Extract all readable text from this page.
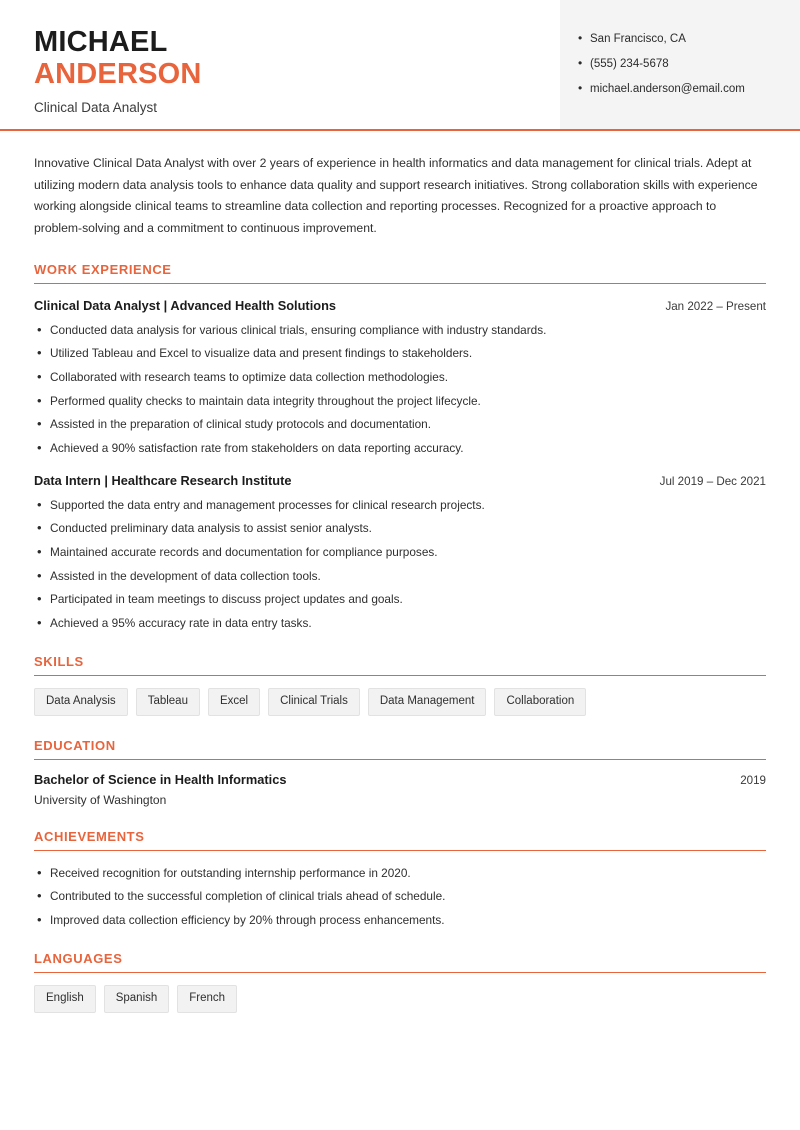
MICHAEL
ANDERSON
Clinical Data Analyst
• San Francisco, CA
• (555) 234-5678
• michael.anderson@email.com
Innovative Clinical Data Analyst with over 2 years of experience in health informatics and data management for clinical trials. Adept at utilizing modern data analysis tools to enhance data quality and support research initiatives. Strong collaboration skills with experience working alongside clinical teams to streamline data collection and reporting processes. Recognized for a proactive approach to problem-solving and a commitment to continuous improvement.
WORK EXPERIENCE
Clinical Data Analyst | Advanced Health Solutions	Jan 2022 – Present
• Conducted data analysis for various clinical trials, ensuring compliance with industry standards.
• Utilized Tableau and Excel to visualize data and present findings to stakeholders.
• Collaborated with research teams to optimize data collection methodologies.
• Performed quality checks to maintain data integrity throughout the project lifecycle.
• Assisted in the preparation of clinical study protocols and documentation.
• Achieved a 90% satisfaction rate from stakeholders on data reporting accuracy.
Data Intern | Healthcare Research Institute	Jul 2019 – Dec 2021
• Supported the data entry and management processes for clinical research projects.
• Conducted preliminary data analysis to assist senior analysts.
• Maintained accurate records and documentation for compliance purposes.
• Assisted in the development of data collection tools.
• Participated in team meetings to discuss project updates and goals.
• Achieved a 95% accuracy rate in data entry tasks.
SKILLS
Data Analysis	Tableau	Excel	Clinical Trials	Data Management	Collaboration
EDUCATION
Bachelor of Science in Health Informatics	2019
University of Washington
ACHIEVEMENTS
• Received recognition for outstanding internship performance in 2020.
• Contributed to the successful completion of clinical trials ahead of schedule.
• Improved data collection efficiency by 20% through process enhancements.
LANGUAGES
English	Spanish	French
